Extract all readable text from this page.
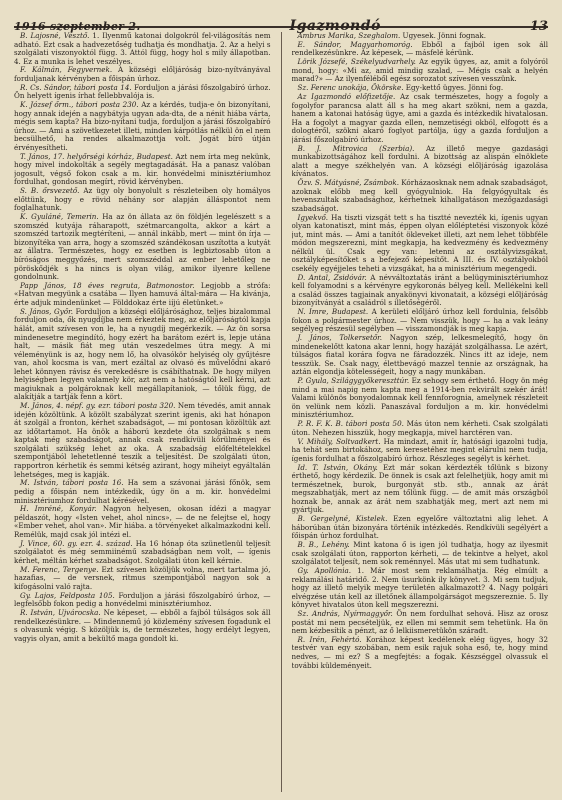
1916 szeptember 2.	Igazmondó	13

B. Lajosné, Vésztő. 1. Ilyenmű katonai dolgokról fel-világosítás nem adható. Ezt csak a hadvezetőség tudhatja és mondhatja. 2. Az a helyi s szolgálati viszonyoktól függ. 3. Attól függ, hogy hol s mily állapotban. 4. Ez a munka is lehet veszélyes.

F. Kálmán, Fegyvernek. A községi előljáróság bizo-nyítványával forduljanak kérvényben a főispán úrhoz.

R. Cs. Sándor, tábori posta 14. Forduljon a járási főszolgabíró úrhoz. Ön helyett ígenis írhat fellebbvalója is.

K. József őrm., tábori posta 230. Az a kérdés, tudja-e ön bizonyítani, hogy annak idején a nagybátyja ugyan ada-dta, de a nénit hiába várta, mégis sem kapta? Ha bizo-nyítani tudja, forduljon a járási főszolgabíró úrhoz. — Ami a szövetkezetet illeti, minden kárpótlás nélkül ön el nem becsülhető, ha rendes alkalmazottja volt. Jogát bíró útján érvényesítheti.

T. János, 17. helyőrségi kórház, Budapest. Azt nem írta meg nekünk, hogy mivel indokolták a segély megtagadását. Ha a panasz valóban jogosult, végső fokon csak a m. kir. honvédelmi minisztériumhoz fordulhat, gondosan megírt, rövid kérvényben.

S. B. őrsvezető. Az ügy oly bonyolult s részleteiben oly homályos előttünk, hogy e rövid néhány sor alapján álláspontot nem foglalhatunk.

K. Gyuláné, Temerin. Ha az ön állata az ön földjén legelészett s a szomszéd kutyája ráharapott, szétmarcangolta, akkor a kárt a szomszéd tartozik megtéríteni, — annál inkább, mert — mint ön írja — bizonyítéka van arra, hogy a szomszéd szándékosan uszította a kutyát az állatra. Természetes, hogy ez esetben is legbiztosabb úton a bíróságos meggyőzés, mert szomszéddal az ember lehetőleg ne pöröskődjék s ha nincs is olyan világ, amikor ilyenre kellene gondolnunk.

Papp János, 18 éves regruta, Batmonostor. Legjobb a strófa: «Hatvan megyünk a csatába — Ilyen hamuvá által-mára — Ha kivánja, érte adjuk mindenünket — Földdokaz érte iíjú életünket.»

S. János, Győr. Forduljon a községi előljárósághoz, teljes bizalommal forduljon oda, ők nyugdíjba nem érkeztek meg, az előljáróságtól kapja hálát, amit szívesen von le, ha a nyugdíj megérkezik. — Az ön sorsa mindenesetre megindító, hogy ezért ha barátom ezért is, lepje utána halt, — másik fiát meg után veszedelmes útra megy. A mi véleményünk is az, hogy nem lő, ha olvasókör helyiség oly gyűjtésre van, ahol kocsma is van, mert ezáltal az olvasó és művelődni akaró lehet könnyen rávisz és verekedésre is csábíthatnak. De hogy milyen helyiségben legyen valamely kör, azt nem a hatóságtól kell kérni, azt magiuknak a polgároknak kell megállapítaniok, — tőlük függ, de alakítják a tartják fenn a kört.

M. János, 4. népf. gy. ezr. tábori posta 320. Nem tévedés, amit annak idején közöltünk. A közölt szabályzat szerint igenis, aki hat hónapon át szolgál a fronton, kérhet szabadságot, — mi pontosan közöltük azt az időtartamot. Ha önök a háború kezdete óta szolgálnak s nem kaptak még szabadságot, annak csak rendkívüli körülményei és szolgálati szükség lehet az oka. A szabadság előfeltételekkel szempontjából lehetetlenné teszik a teljesítést. De szolgálati úton, rapportron kérhetik és semmi kétség azirant, hogy miheiyt egyáltalán lehetséges, meg is kapják.

M. István, tábori posta 16. Ha sem a szávonai járási főnök, sem pedig a főispán nem intézkedik, úgy ön a m. kir. honvédelmi minisztériumhoz fordulhat kérésével.

H. Imréné, Konyár. Nagyon helyesen, okosan ídézi a magyar példaszót, hogy «Isten vehet, ahol nincs», — de ne felejtse el, hogy «Ember vehet, ahol van». Mir hiába. a törvényeket alkalmazkodni kell. Remélük, majd csak jól intézi el.

J. Vince, 60. gy. ezr. 4. század. Ha 16 hónap óta szünetlenül teljesít szolgálatot és még semmiinémű szabadságban nem volt, — ígenis kérhet, méltán kérhet szabadságot. Szolgálati úton kell kérnie.

M. Ferenc, Tergenye. Ezt szívesen közöljük volna, mert tartalma jó, hazafias, — de versnek, ritmus szempontjából nagyon sok a kifogásolni való rajta.

Gy. Lajos, Feldposta 105. Forduljon a járási főszolgabíró úrhoz, — legfelsőbb fokon pedig a honvédelmi minisztériumhoz.

R. István, Ujvárocska. Ne képeset, — ebből a fajból túlságos sok áll rendelkezésünkre. — Mindennemű jó közlemény szívesen fogadunk el s olvasunk végig. S közöljük is, de természetes, hogy erdélyt legyen, vagyis olyan, amit a bekültő maga gondolt ki.

Ambrus Marika, Szeghalom. Ügyesek. Jönni fognak.

E. Sándor, Magyarhomoróg. Ebből a fajból igen sok áll rendelkezésünkre. Az képesek, — másfelé kérünk.

Lörik Józsefé, Székelyudvarhely. Az egyik ügyes, az, amit a folyóról mond, hogy: «Mi az, amid mindig szalad, — Mégis csak a helyén marad?» — Az ilyenféléből egész sorozatot szívesen vesszünk.

Sz. Ferenc unokája, Ökörske. Egy-kettő ügyes. Jönni fog.

Az Igazmondó előfizetője. Az csak természetes, hogy a fogoly a fogolyfor parancsa alatt áll s ha meg akart szökni, nem a gazda, hanem a katonai hatóság ügye, ami a gazda és intézkedik hivatalosan. Ha a fogolyt a magyar gazda ellen, nemzetiségi okból, elfogott és a dologtéről, szökni akaró foglyot partólja, úgy a gazda forduljon a járási főszolgabíró úrhoz.

B. J. Mitrovica (Szerbia). Az illető megye gazdasági munkabizottságához kell fordulni. A bizottság az alispán elnöklete alatt a megye székhelyén van. A községi előljáróság igazolása kívánatos.

Özv. S. Mátyásné, Zsámbok. Kórházaosknak nem adnak szabadságot, azoknak előbb meg kell gyógyulniok. Ha felgyógyultak és hevenszultak szabadsághoz, kérhetnek kihallgatáson mezőgazdasági szabadságot.

Igyekvő. Ha tiszti vizsgát tett s ha tisztté nevezték ki, ígenis ugyan olyan katonatiszt, mint más, éppen olyan előléptetési viszonyok közé jut, mint más. — Ami a tanítót ökleveket illeti, azt nem lehet többféle módon megszerezni, mint megkapja, ha kedvezmény és kedvezmény nélkül ül. Csak egy van: letenni az osztályvizsgákat, osztályképesítőket s a befejező képesítőt. A III. és IV. osztályokból csekély egyéjjeles teheti a vizsgákat, ha a minisztérium megengedi.

D. Antal, Zsidóvár. A névváltoztatás iránt a belügyminisztériumhoz kell folyamodni s a kérvényre egykoronás bélyeg kell. Mellékelni kell a család összes tagjainak anyakönyvi kivonatait, a községi előljáróság bizonyítványát a családról s illetőségéről.

N. Imre, Budapest. A kerületi előljáró úrhoz kell fordulnia, felsőbb fokon a polgármester úrhoz. — Nem visszük, hogy — ha a vak leány segélyeg részesül segélyben — visszamondják is meg kapja.

J. János, Tolkersetőr. Nagyon szép, lelkesmelegítő, hogy ön mindenekelőtt katona akar lenni, hogy hazáját szolgálhassa. Le azért, túlságos fiatal korára fogva ne fáradozzék. Nincs itt az ideje, nem tesszük. Se. Csak nagy, élettbevágó mazzel tennie az országnak, ha aztán elgondja kötelességeit, hogy a nagy munkában.

P. Gyula, Szilágygyőkereszttúr. Ez sehogy sem érthető. Hogy ön még mind a mai napig nem kapta meg a 1914-ben rekvirált szekér árát! Valami különös bonyodalomnak kell fennforognia, amelynek részleteit ön velünk nem közli. Panaszával forduljon a m. kir. honvédelmi minisztériumhoz.

P. R. F. K. B. tábori posta 50. Más úton nem kérheti. Csak szolgálati úton. Nehezen hisszük, hogy megkapja, mivel harctéren van.

V. Mihály, Soltvadkert. Ha mindazt, amit ír, hatósági igazolni tudja, ha tehát sem birtokához, sem keresetéhez megint elárulni nem tudja, ígenis fordulhat a főszolgabíró úrhoz. Részleges segélyt is kérhet.

Id. T. István, Okány. Ezt már sokan kérdezték tőlünk s bizony érthető, hogy kérdezik. De önnek is csak azt felelhetjük, hogy amit mi természetnek, burok, burgonyát stb. stb., annak az árát megszabhatják, mert az nem tőlünk függ. — de amit más országból hoznak be, annak az árát nem szabhatják meg, mert azt nem mi gyártjuk.

B. Gergelyné, Kistelek. Ezen egyelőre változtatni alig lehet. A háborúban útán bizonyára történik intézkedés. Rendkívüli segélyért a főispán úrhoz fordulhat.

B. B., Lehény. Mint katona ő is igen jól tudhatja, hogy az ilyesmit csak szolgálati úton, rapporton kérheti, — de tekintve a helyet, akol szolgálatot teljesít, nem sok reménnyel. Más utat mi sem tudhatunk.

Gy. Apollónia. 1. Már most sem reklamálhatja. Rég elmúlt a reklamálási határidő. 2. Nem üsurkönk ily könyvet. 3. Mi sem tudjuk, hogy az illető melyik megye területén alkalmazott? 4. Nagy polgári elvégzése után kell az illetőnek állampolgárságot megszereznie. 5. Ily könyvet hivatalos úton kell megszerezni.

Sz. András, Nyírmaggyőr. Ön nem fordulhat sehová. Hisz az orosz postát mi nem pecsételjük, ez ellen mi semmit sem tehetünk. Ha ön nem kézbesítik a pénzt, az ő lelkiismeretükön száradt.

R. Irén, Fehértó. Korához képest kedélenek elég ügyes, hogy 32 testvér van egy szobában, nem esik rajuk soha eső, te, hogy mind nedves, — mi ez? S a megfejtés: a fogak. Készséggel olvassuk el további küldeményeit.
